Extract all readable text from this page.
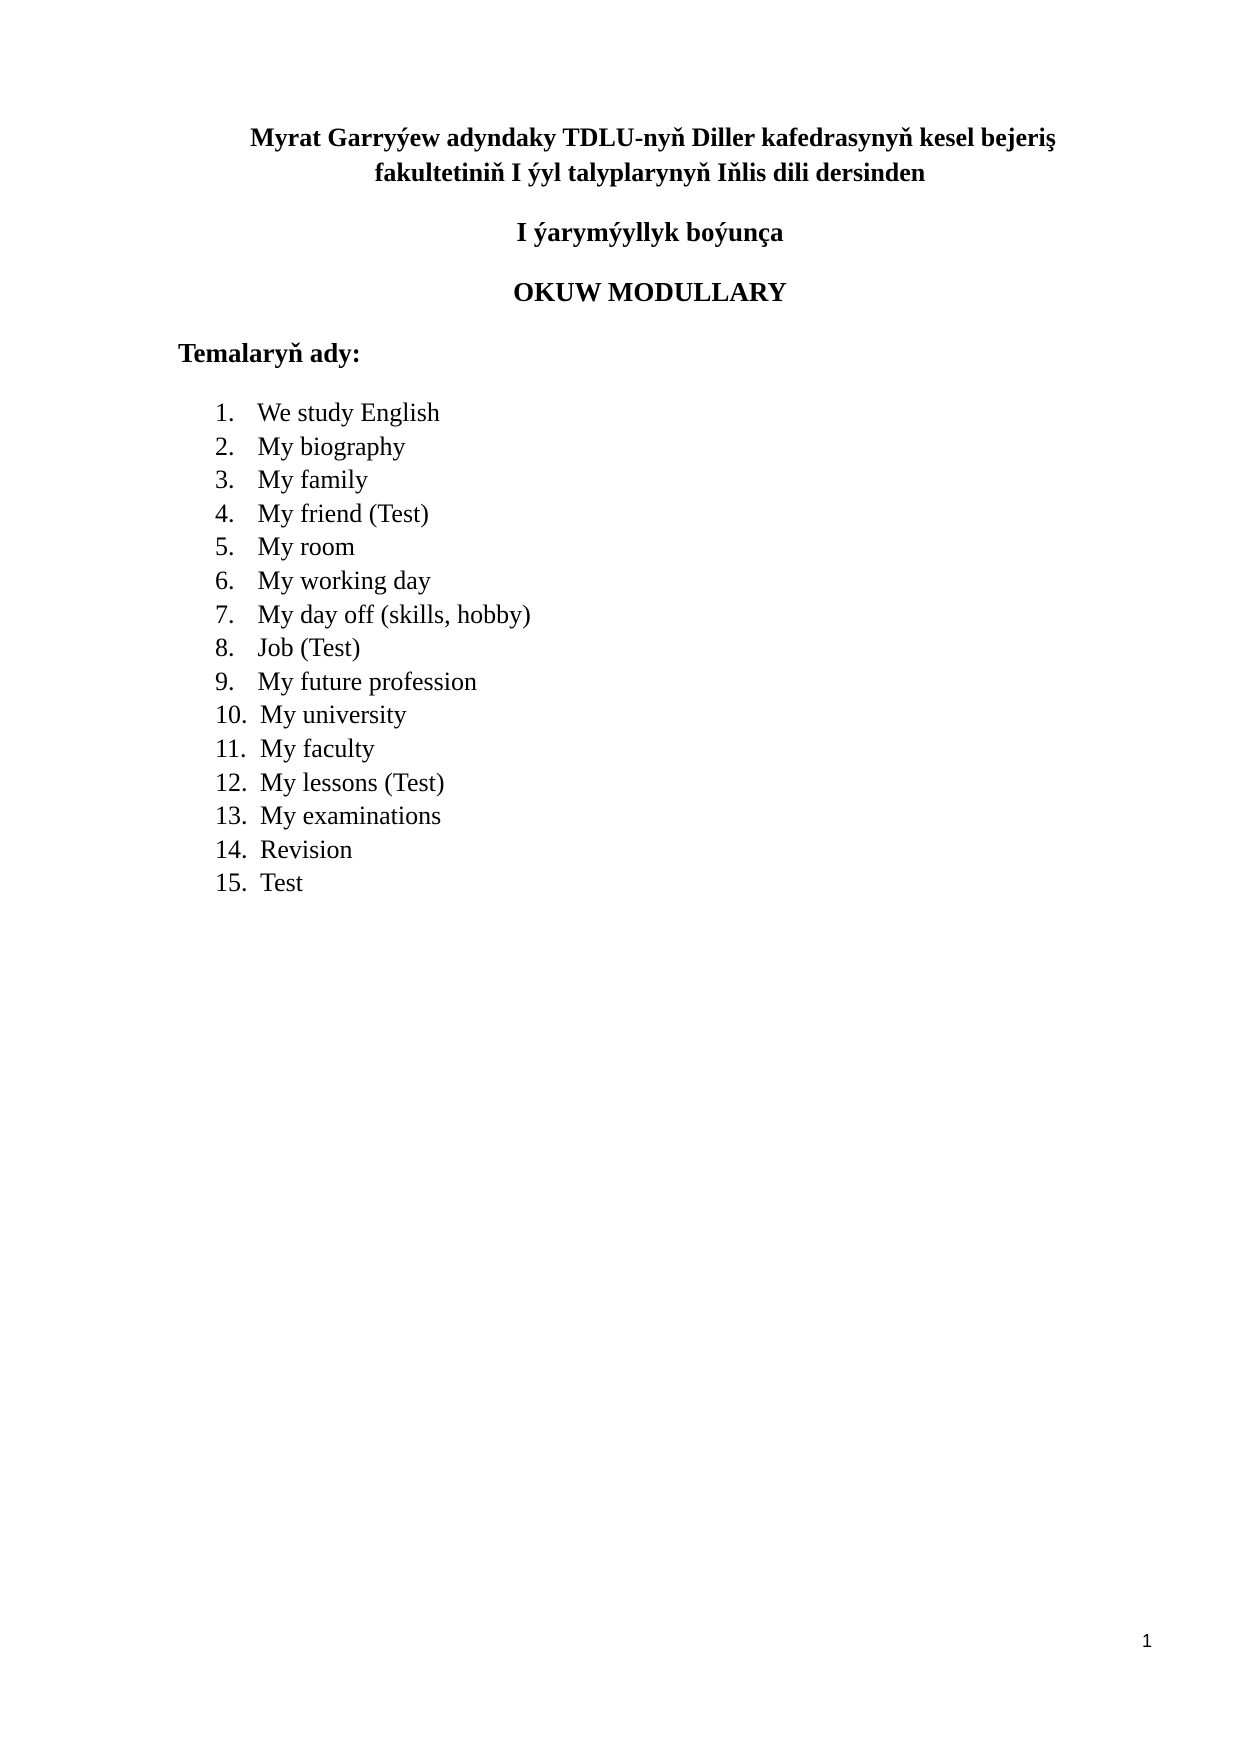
Myrat Garryýew adyndaky TDLU-nyň Diller kafedrasynyň kesel bejeriş
fakultetiniň I ýyl talyplarynyň Iňlis dili dersinden
I ýarymýyllyk boýunça
OKUW MODULLARY
Temalaryň ady:
1. We study English
2. My biography
3. My family
4. My friend (Test)
5. My room
6. My working day
7. My day off (skills, hobby)
8. Job (Test)
9. My future profession
10. My university
11. My faculty
12. My lessons (Test)
13. My examinations
14. Revision
15. Test
1
